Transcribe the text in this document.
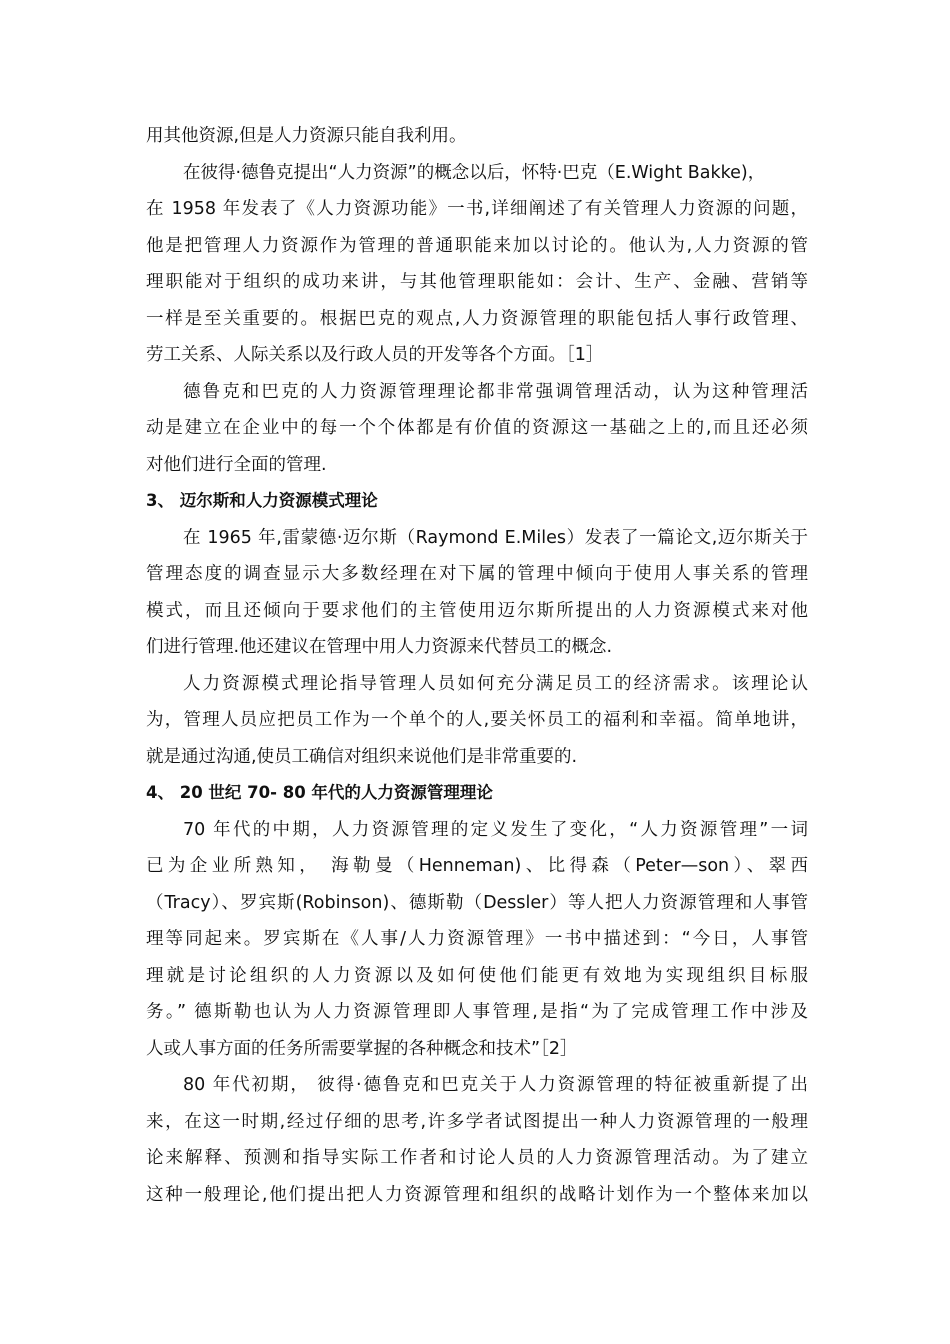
用其他资源,但是人力资源只能自我利用。
在彼得·德鲁克提出“人力资源”的概念以后，怀特·巴克（E.Wight Bakke)，
在 1958 年发表了《人力资源功能》一书,详细阐述了有关管理人力资源的问题，
他是把管理人力资源作为管理的普通职能来加以讨论的。他认为,人力资源的管
理职能对于组织的成功来讲，与其他管理职能如：会计、生产、金融、营销等
一样是至关重要的。根据巴克的观点,人力资源管理的职能包括人事行政管理、
劳工关系、人际关系以及行政人员的开发等各个方面。［1］
德鲁克和巴克的人力资源管理理论都非常强调管理活动，认为这种管理活
动是建立在企业中的每一个个体都是有价值的资源这一基础之上的,而且还必须
对他们进行全面的管理.
3、 迈尔斯和人力资源模式理论
在 1965 年,雷蒙德·迈尔斯（Raymond E.Miles）发表了一篇论文,迈尔斯关于
管理态度的调查显示大多数经理在对下属的管理中倾向于使用人事关系的管理
模式，而且还倾向于要求他们的主管使用迈尔斯所提出的人力资源模式来对他
们进行管理.他还建议在管理中用人力资源来代替员工的概念.
人力资源模式理论指导管理人员如何充分满足员工的经济需求。该理论认
为，管理人员应把员工作为一个单个的人,要关怀员工的福利和幸福。简单地讲，
就是通过沟通,使员工确信对组织来说他们是非常重要的.
4、 20 世纪 70- 80 年代的人力资源管理理论
70 年代的中期，人力资源管理的定义发生了变化，“人力资源管理”一词
已为企业所熟知， 海勒曼（Henneman)、比得森（Peter—son）、翠西
（Tracy）、罗宾斯(Robinson)、德斯勒（Dessler）等人把人力资源管理和人事管
理等同起来。罗宾斯在《人事/人力资源管理》一书中描述到：“今日，人事管
理就是讨论组织的人力资源以及如何使他们能更有效地为实现组织目标服
务。” 德斯勒也认为人力资源管理即人事管理,是指“为了完成管理工作中涉及
人或人事方面的任务所需要掌握的各种概念和技术”［2］
80 年代初期， 彼得·德鲁克和巴克关于人力资源管理的特征被重新提了出
来，在这一时期,经过仔细的思考,许多学者试图提出一种人力资源管理的一般理
论来解释、预测和指导实际工作者和讨论人员的人力资源管理活动。为了建立
这种一般理论,他们提出把人力资源管理和组织的战略计划作为一个整体来加以
